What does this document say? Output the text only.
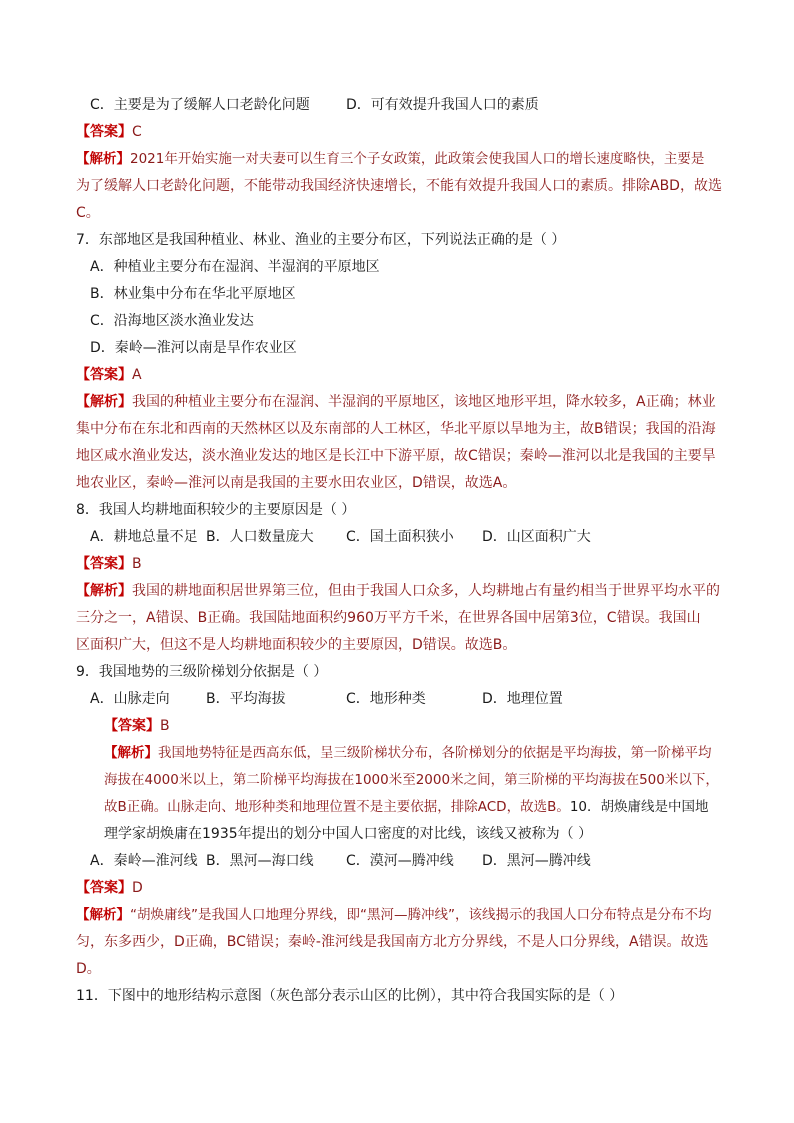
C．主要是为了缓解人口老龄化问题	D．可有效提升我国人口的素质
【答案】C
【解析】2021年开始实施一对夫妻可以生育三个子女政策，此政策会使我国人口的增长速度略快，主要是
为了缓解人口老龄化问题，不能带动我国经济快速增长，不能有效提升我国人口的素质。排除ABD，故选
C。
7．东部地区是我国种植业、林业、渔业的主要分布区，下列说法正确的是（ ）
A．种植业主要分布在湿润、半湿润的平原地区
B．林业集中分布在华北平原地区
C．沿海地区淡水渔业发达
D．秦岭—淮河以南是旱作农业区
【答案】A
【解析】我国的种植业主要分布在湿润、半湿润的平原地区，该地区地形平坦，降水较多，A正确；林业
集中分布在东北和西南的天然林区以及东南部的人工林区，华北平原以旱地为主，故B错误；我国的沿海
地区咸水渔业发达，淡水渔业发达的地区是长江中下游平原，故C错误；秦岭—淮河以北是我国的主要旱
地农业区，秦岭—淮河以南是我国的主要水田农业区，D错误，故选A。
8．我国人均耕地面积较少的主要原因是（ ）
A．耕地总量不足 B．人口数量庞大	C．国土面积狭小	D．山区面积广大
【答案】B
【解析】我国的耕地面积居世界第三位，但由于我国人口众多，人均耕地占有量约相当于世界平均水平的
三分之一，A错误、B正确。我国陆地面积约960万平方千米，在世界各国中居第3位，C错误。我国山
区面积广大，但这不是人均耕地面积较少的主要原因，D错误。故选B。
9．我国地势的三级阶梯划分依据是（ ）
A．山脉走向	B．平均海拔	C．地形种类	D．地理位置
【答案】B
【解析】我国地势特征是西高东低，呈三级阶梯状分布，各阶梯划分的依据是平均海拔，第一阶梯平均
海拔在4000米以上，第二阶梯平均海拔在1000米至2000米之间，第三阶梯的平均海拔在500米以下，
故B正确。山脉走向、地形种类和地理位置不是主要依据，排除ACD，故选B。10．胡焕庸线是中国地
理学家胡焕庸在1935年提出的划分中国人口密度的对比线，该线又被称为（ ）
A．秦岭—淮河线 B．黑河—海口线	C．漠河—腾冲线	D．黑河—腾冲线
【答案】D
【解析】“胡焕庸线”是我国人口地理分界线，即“黑河—腾冲线”，该线揭示的我国人口分布特点是分布不均
匀，东多西少，D正确，BC错误；秦岭-淮河线是我国南方北方分界线，不是人口分界线，A错误。故选
D。
11．下图中的地形结构示意图（灰色部分表示山区的比例），其中符合我国实际的是（ ）
